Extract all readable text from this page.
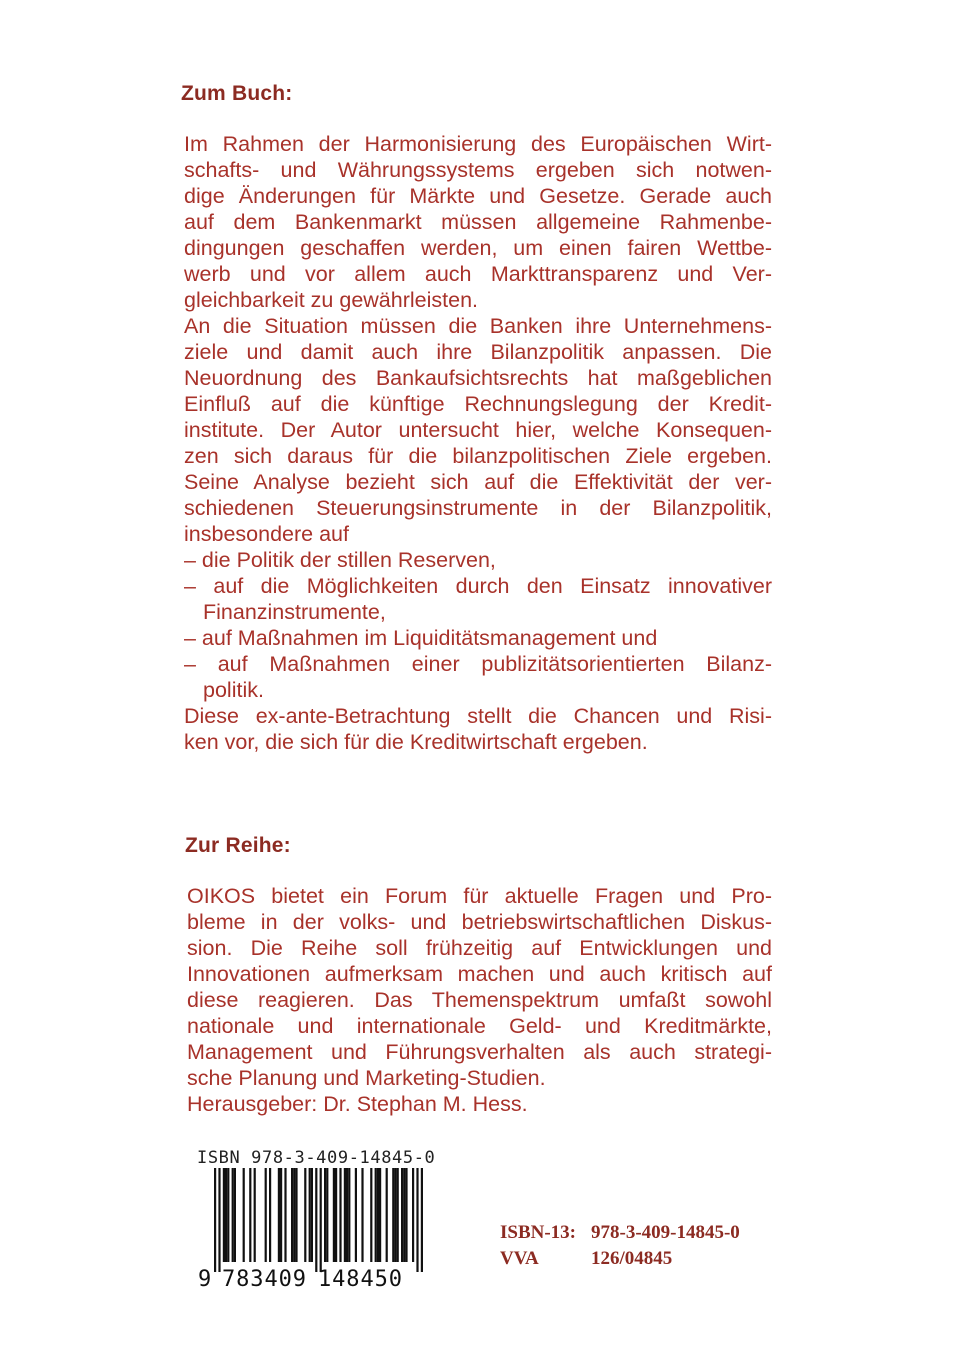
Zum Buch:
Im Rahmen der Harmonisierung des Europäischen Wirt-
schafts- und Währungssystems ergeben sich notwen-
dige Änderungen für Märkte und Gesetze. Gerade auch
auf dem Bankenmarkt müssen allgemeine Rahmenbe-
dingungen geschaffen werden, um einen fairen Wettbe-
werb und vor allem auch Markttransparenz und Ver-
gleichbarkeit zu gewährleisten.
An die Situation müssen die Banken ihre Unternehmens-
ziele und damit auch ihre Bilanzpolitik anpassen. Die
Neuordnung des Bankaufsichtsrechts hat maßgeblichen
Einfluß auf die künftige Rechnungslegung der Kredit-
institute. Der Autor untersucht hier, welche Konsequen-
zen sich daraus für die bilanzpolitischen Ziele ergeben.
Seine Analyse bezieht sich auf die Effektivität der ver-
schiedenen Steuerungsinstrumente in der Bilanzpolitik,
insbesondere auf
– die Politik der stillen Reserven,
– auf die Möglichkeiten durch den Einsatz innovativer
Finanzinstrumente,
– auf Maßnahmen im Liquiditätsmanagement und
– auf Maßnahmen einer publizitätsorientierten Bilanz-
politik.
Diese ex-ante-Betrachtung stellt die Chancen und Risi-
ken vor, die sich für die Kreditwirtschaft ergeben.
Zur Reihe:
OIKOS bietet ein Forum für aktuelle Fragen und Pro-
bleme in der volks- und betriebswirtschaftlichen Diskus-
sion. Die Reihe soll frühzeitig auf Entwicklungen und
Innovationen aufmerksam machen und auch kritisch auf
diese reagieren. Das Themenspektrum umfaßt sowohl
nationale und internationale Geld- und Kreditmärkte,
Management und Führungsverhalten als auch strategi-
sche Planung und Marketing-Studien.
Herausgeber: Dr. Stephan M. Hess.
ISBN 978-3-409-14845-0
9 783409 148450
ISBN-13: 978-3-409-14845-0
VVA	126/04845
